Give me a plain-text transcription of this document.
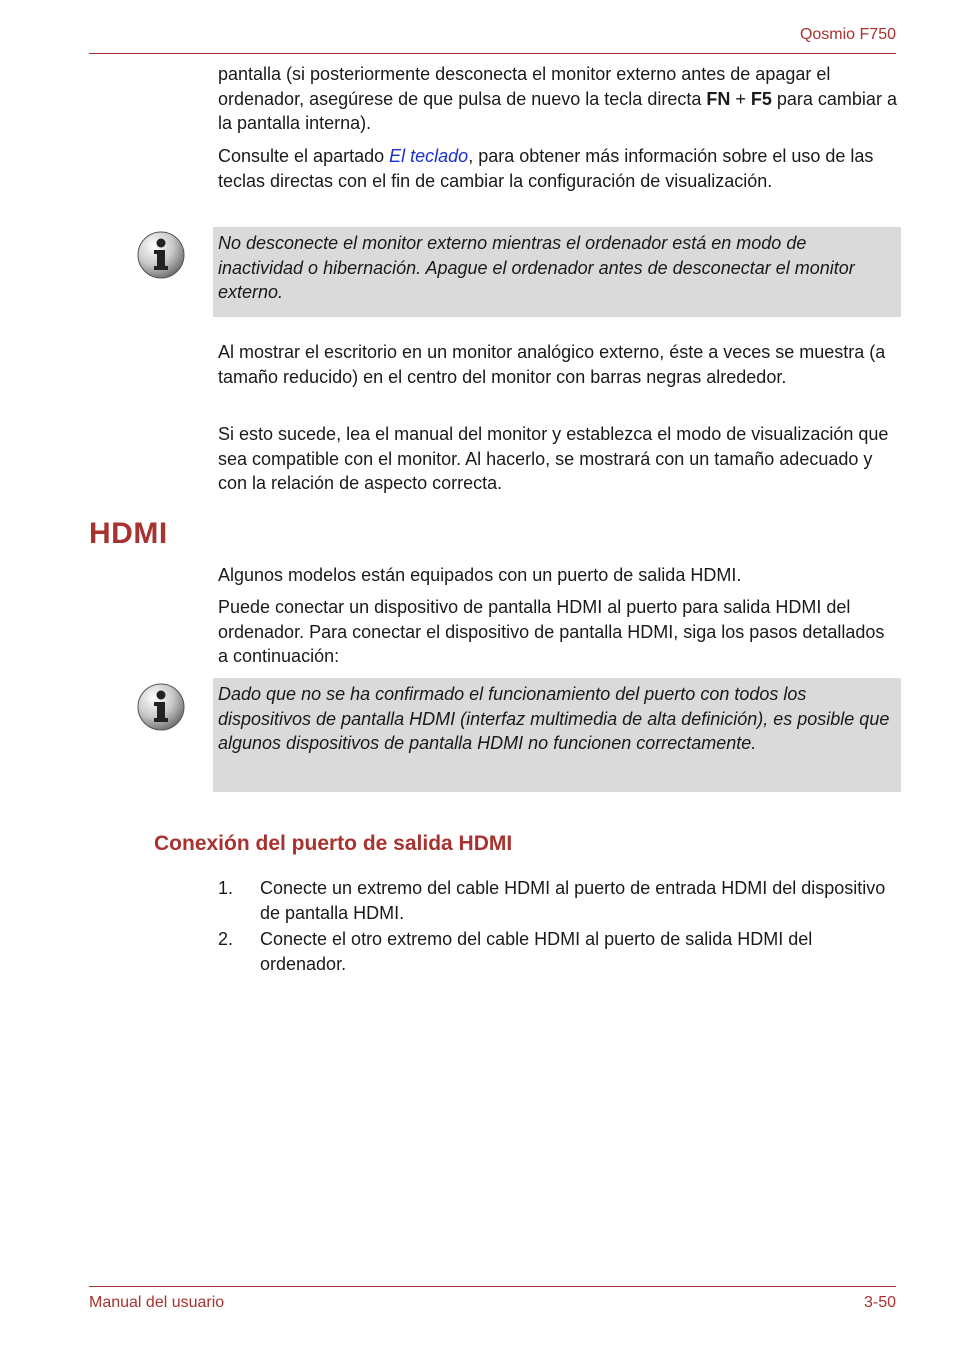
Qosmio F750

pantalla (si posteriormente desconecta el monitor externo antes de apagar el ordenador, asegúrese de que pulsa de nuevo la tecla directa FN + F5 para cambiar a la pantalla interna).

Consulte el apartado El teclado, para obtener más información sobre el uso de las teclas directas con el fin de cambiar la configuración de visualización.

No desconecte el monitor externo mientras el ordenador está en modo de inactividad o hibernación. Apague el ordenador antes de desconectar el monitor externo.

Al mostrar el escritorio en un monitor analógico externo, éste a veces se muestra (a tamaño reducido) en el centro del monitor con barras negras alrededor.

Si esto sucede, lea el manual del monitor y establezca el modo de visualización que sea compatible con el monitor. Al hacerlo, se mostrará con un tamaño adecuado y con la relación de aspecto correcta.

HDMI

Algunos modelos están equipados con un puerto de salida HDMI.

Puede conectar un dispositivo de pantalla HDMI al puerto para salida HDMI del ordenador. Para conectar el dispositivo de pantalla HDMI, siga los pasos detallados a continuación:

Dado que no se ha confirmado el funcionamiento del puerto con todos los dispositivos de pantalla HDMI (interfaz multimedia de alta definición), es posible que algunos dispositivos de pantalla HDMI no funcionen correctamente.

Conexión del puerto de salida HDMI
1. Conecte un extremo del cable HDMI al puerto de entrada HDMI del dispositivo de pantalla HDMI.
2. Conecte el otro extremo del cable HDMI al puerto de salida HDMI del ordenador.
Manual del usuario	3-50
